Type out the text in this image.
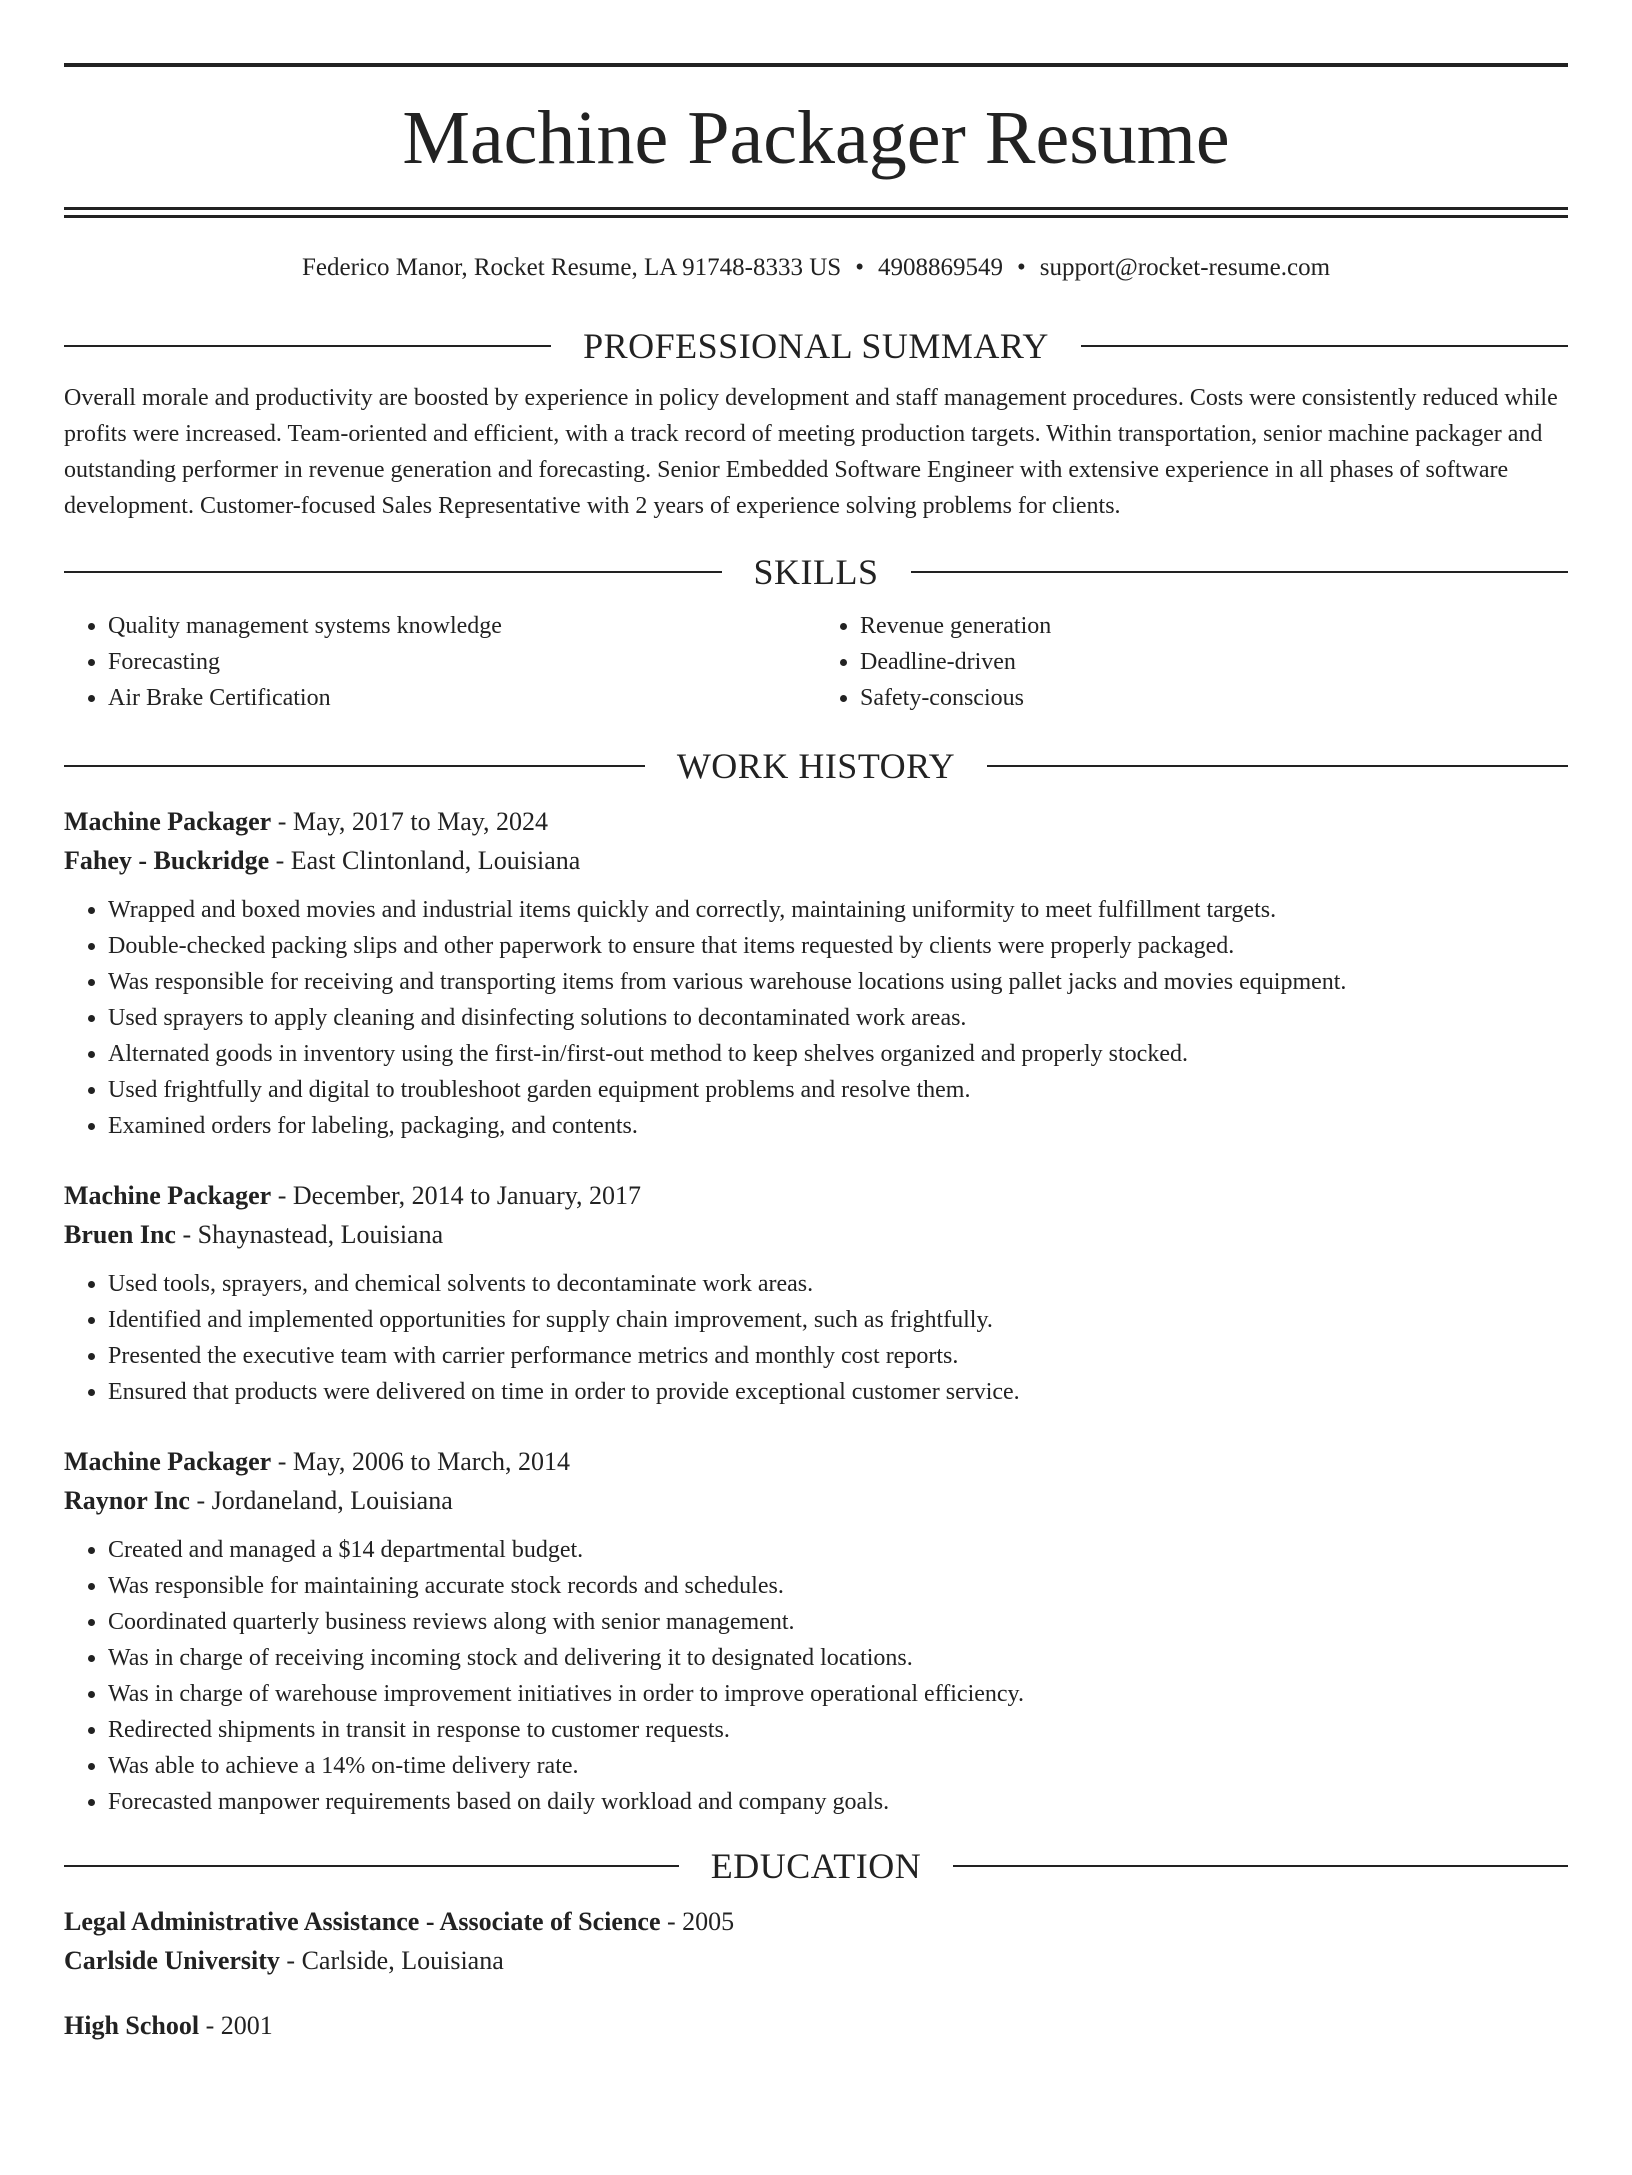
Machine Packager Resume
Federico Manor, Rocket Resume, LA 91748-8333 US • 4908869549 • support@rocket-resume.com
PROFESSIONAL SUMMARY

Overall morale and productivity are boosted by experience in policy development and staff management procedures. Costs were consistently reduced while profits were increased. Team-oriented and efficient, with a track record of meeting production targets. Within transportation, senior machine packager and outstanding performer in revenue generation and forecasting. Senior Embedded Software Engineer with extensive experience in all phases of software development. Customer-focused Sales Representative with 2 years of experience solving problems for clients.

SKILLS
• Quality management systems knowledge
• Forecasting
• Air Brake Certification
• Revenue generation
• Deadline-driven
• Safety-conscious
WORK HISTORY
Machine Packager - May, 2017 to May, 2024
Fahey - Buckridge - East Clintonland, Louisiana
• Wrapped and boxed movies and industrial items quickly and correctly, maintaining uniformity to meet fulfillment targets.
• Double-checked packing slips and other paperwork to ensure that items requested by clients were properly packaged.
• Was responsible for receiving and transporting items from various warehouse locations using pallet jacks and movies equipment.
• Used sprayers to apply cleaning and disinfecting solutions to decontaminated work areas.
• Alternated goods in inventory using the first-in/first-out method to keep shelves organized and properly stocked.
• Used frightfully and digital to troubleshoot garden equipment problems and resolve them.
• Examined orders for labeling, packaging, and contents.
Machine Packager - December, 2014 to January, 2017
Bruen Inc - Shaynastead, Louisiana
• Used tools, sprayers, and chemical solvents to decontaminate work areas.
• Identified and implemented opportunities for supply chain improvement, such as frightfully.
• Presented the executive team with carrier performance metrics and monthly cost reports.
• Ensured that products were delivered on time in order to provide exceptional customer service.
Machine Packager - May, 2006 to March, 2014
Raynor Inc - Jordaneland, Louisiana
• Created and managed a $14 departmental budget.
• Was responsible for maintaining accurate stock records and schedules.
• Coordinated quarterly business reviews along with senior management.
• Was in charge of receiving incoming stock and delivering it to designated locations.
• Was in charge of warehouse improvement initiatives in order to improve operational efficiency.
• Redirected shipments in transit in response to customer requests.
• Was able to achieve a 14% on-time delivery rate.
• Forecasted manpower requirements based on daily workload and company goals.
EDUCATION
Legal Administrative Assistance - Associate of Science - 2005
Carlside University - Carlside, Louisiana
High School - 2001
